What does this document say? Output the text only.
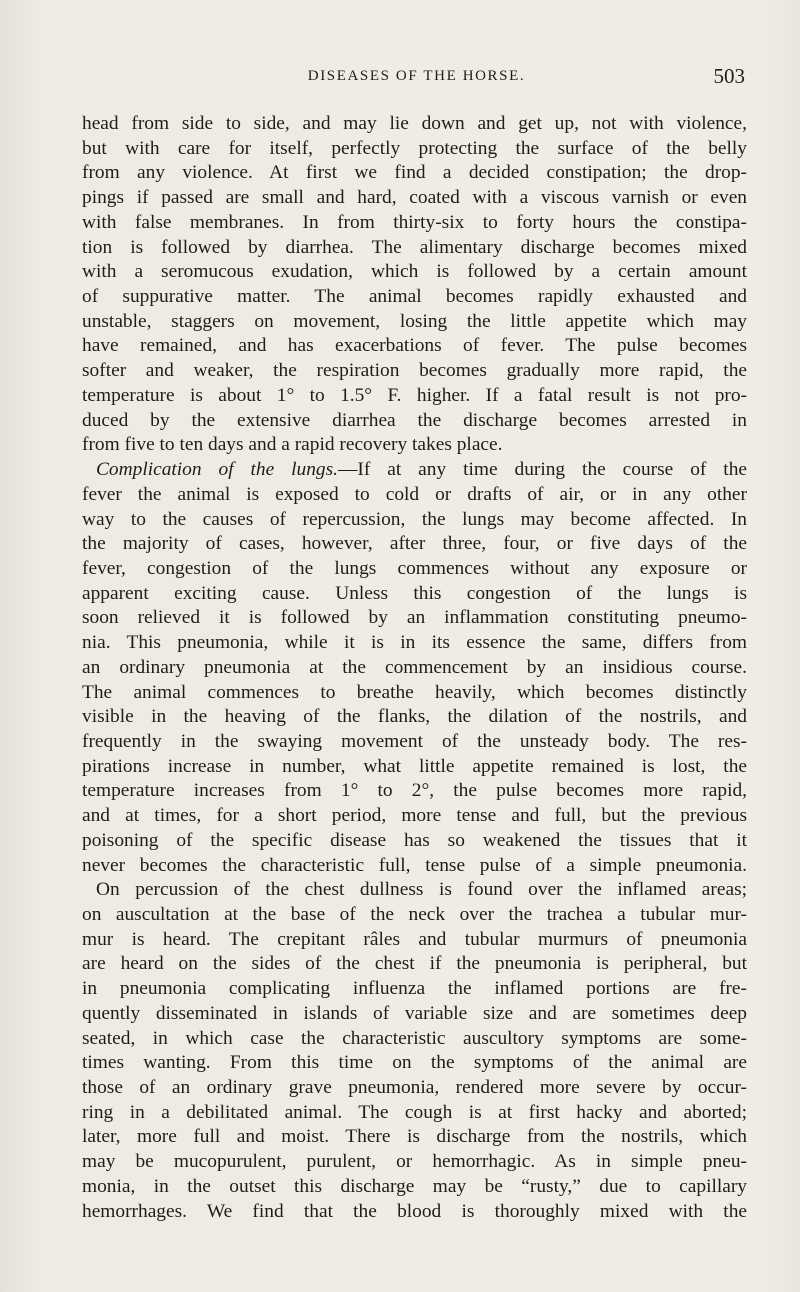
DISEASES OF THE HORSE.	503
head from side to side, and may lie down and get up, not with violence,
but with care for itself, perfectly protecting the surface of the belly
from any violence. At first we find a decided constipation; the drop-
pings if passed are small and hard, coated with a viscous varnish or even
with false membranes. In from thirty-six to forty hours the constipa-
tion is followed by diarrhea. The alimentary discharge becomes mixed
with a seromucous exudation, which is followed by a certain amount
of suppurative matter. The animal becomes rapidly exhausted and
unstable, staggers on movement, losing the little appetite which may
have remained, and has exacerbations of fever. The pulse becomes
softer and weaker, the respiration becomes gradually more rapid, the
temperature is about 1° to 1.5° F. higher. If a fatal result is not pro-
duced by the extensive diarrhea the discharge becomes arrested in
from five to ten days and a rapid recovery takes place.
Complication of the lungs.—If at any time during the course of the
fever the animal is exposed to cold or drafts of air, or in any other
way to the causes of repercussion, the lungs may become affected. In
the majority of cases, however, after three, four, or five days of the
fever, congestion of the lungs commences without any exposure or
apparent exciting cause. Unless this congestion of the lungs is
soon relieved it is followed by an inflammation constituting pneumo-
nia. This pneumonia, while it is in its essence the same, differs from
an ordinary pneumonia at the commencement by an insidious course.
The animal commences to breathe heavily, which becomes distinctly
visible in the heaving of the flanks, the dilation of the nostrils, and
frequently in the swaying movement of the unsteady body. The res-
pirations increase in number, what little appetite remained is lost, the
temperature increases from 1° to 2°, the pulse becomes more rapid,
and at times, for a short period, more tense and full, but the previous
poisoning of the specific disease has so weakened the tissues that it
never becomes the characteristic full, tense pulse of a simple pneumonia.
On percussion of the chest dullness is found over the inflamed areas;
on auscultation at the base of the neck over the trachea a tubular mur-
mur is heard. The crepitant râles and tubular murmurs of pneumonia
are heard on the sides of the chest if the pneumonia is peripheral, but
in pneumonia complicating influenza the inflamed portions are fre-
quently disseminated in islands of variable size and are sometimes deep
seated, in which case the characteristic auscultory symptoms are some-
times wanting. From this time on the symptoms of the animal are
those of an ordinary grave pneumonia, rendered more severe by occur-
ring in a debilitated animal. The cough is at first hacky and aborted;
later, more full and moist. There is discharge from the nostrils, which
may be mucopurulent, purulent, or hemorrhagic. As in simple pneu-
monia, in the outset this discharge may be “rusty,” due to capillary
hemorrhages. We find that the blood is thoroughly mixed with the
